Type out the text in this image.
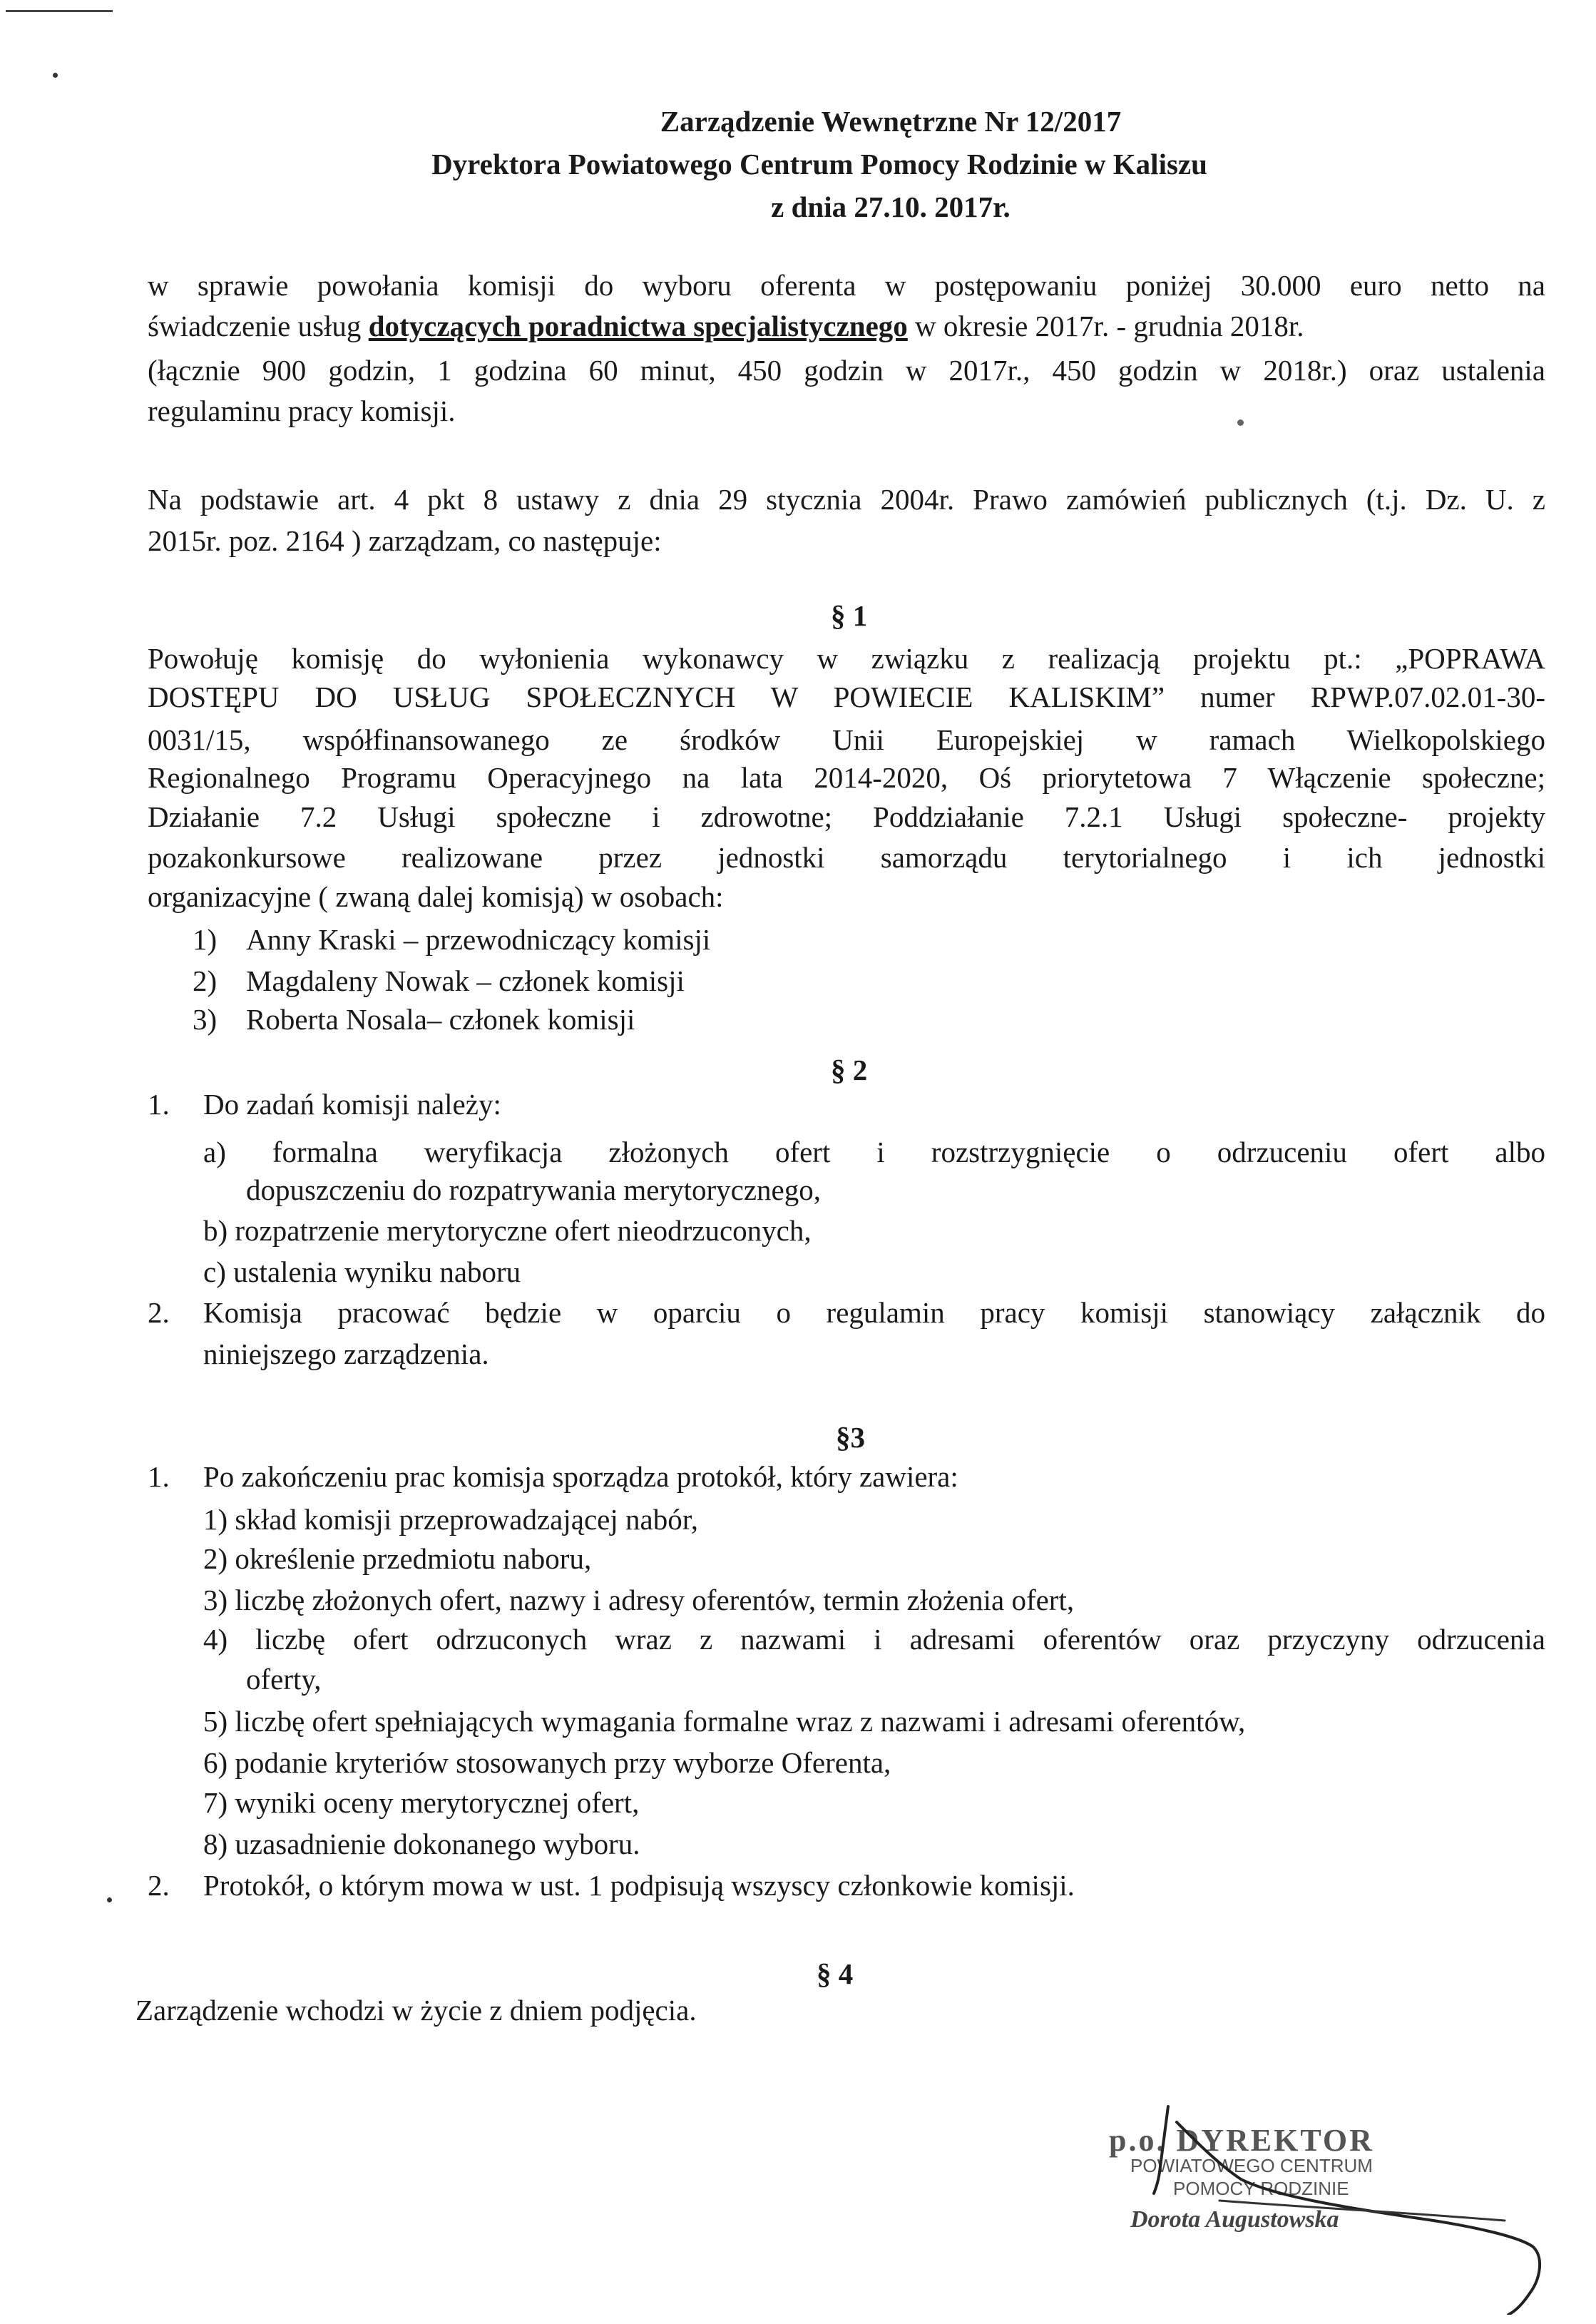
Zarządzenie Wewnętrzne Nr 12/2017
Dyrektora Powiatowego Centrum Pomocy Rodzinie w Kaliszu
z dnia 27.10. 2017r.
w sprawie powołania komisji do wyboru oferenta w postępowaniu poniżej 30.000 euro netto na
świadczenie usług dotyczących poradnictwa specjalistycznego w okresie 2017r. - grudnia 2018r.
(łącznie 900 godzin, 1 godzina 60 minut, 450 godzin w 2017r., 450 godzin w 2018r.) oraz ustalenia
regulaminu pracy komisji.
Na podstawie art. 4 pkt 8 ustawy z dnia 29 stycznia 2004r. Prawo zamówień publicznych (t.j. Dz. U. z
2015r. poz. 2164 ) zarządzam, co następuje:
§ 1
Powołuję komisję do wyłonienia wykonawcy w związku z realizacją projektu pt.: „POPRAWA
DOSTĘPU DO USŁUG SPOŁECZNYCH W POWIECIE KALISKIM” numer RPWP.07.02.01-30-
0031/15, współfinansowanego ze środków Unii Europejskiej w ramach Wielkopolskiego
Regionalnego Programu Operacyjnego na lata 2014-2020, Oś priorytetowa 7 Włączenie społeczne;
Działanie 7.2 Usługi społeczne i zdrowotne; Poddziałanie 7.2.1 Usługi społeczne- projekty
pozakonkursowe realizowane przez jednostki samorządu terytorialnego i ich jednostki
organizacyjne ( zwaną dalej komisją) w osobach:
1) Anny Kraski – przewodniczący komisji
2) Magdaleny Nowak – członek komisji
3) Roberta Nosala– członek komisji
§ 2
1. Do zadań komisji należy:
a) formalna weryfikacja złożonych ofert i rozstrzygnięcie o odrzuceniu ofert albo
dopuszczeniu do rozpatrywania merytorycznego,
b) rozpatrzenie merytoryczne ofert nieodrzuconych,
c) ustalenia wyniku naboru
2. Komisja pracować będzie w oparciu o regulamin pracy komisji stanowiący załącznik do
niniejszego zarządzenia.
§3
1. Po zakończeniu prac komisja sporządza protokół, który zawiera:
1) skład komisji przeprowadzającej nabór,
2) określenie przedmiotu naboru,
3) liczbę złożonych ofert, nazwy i adresy oferentów, termin złożenia ofert,
4) liczbę ofert odrzuconych wraz z nazwami i adresami oferentów oraz przyczyny odrzucenia
oferty,
5) liczbę ofert spełniających wymagania formalne wraz z nazwami i adresami oferentów,
6) podanie kryteriów stosowanych przy wyborze Oferenta,
7) wyniki oceny merytorycznej ofert,
8) uzasadnienie dokonanego wyboru.
2. Protokół, o którym mowa w ust. 1 podpisują wszyscy członkowie komisji.
§ 4
Zarządzenie wchodzi w życie z dniem podjęcia.
p.o. DYREKTOR
POWIATOWEGO CENTRUM
POMOCY RODZINIE
Dorota Augustowska
